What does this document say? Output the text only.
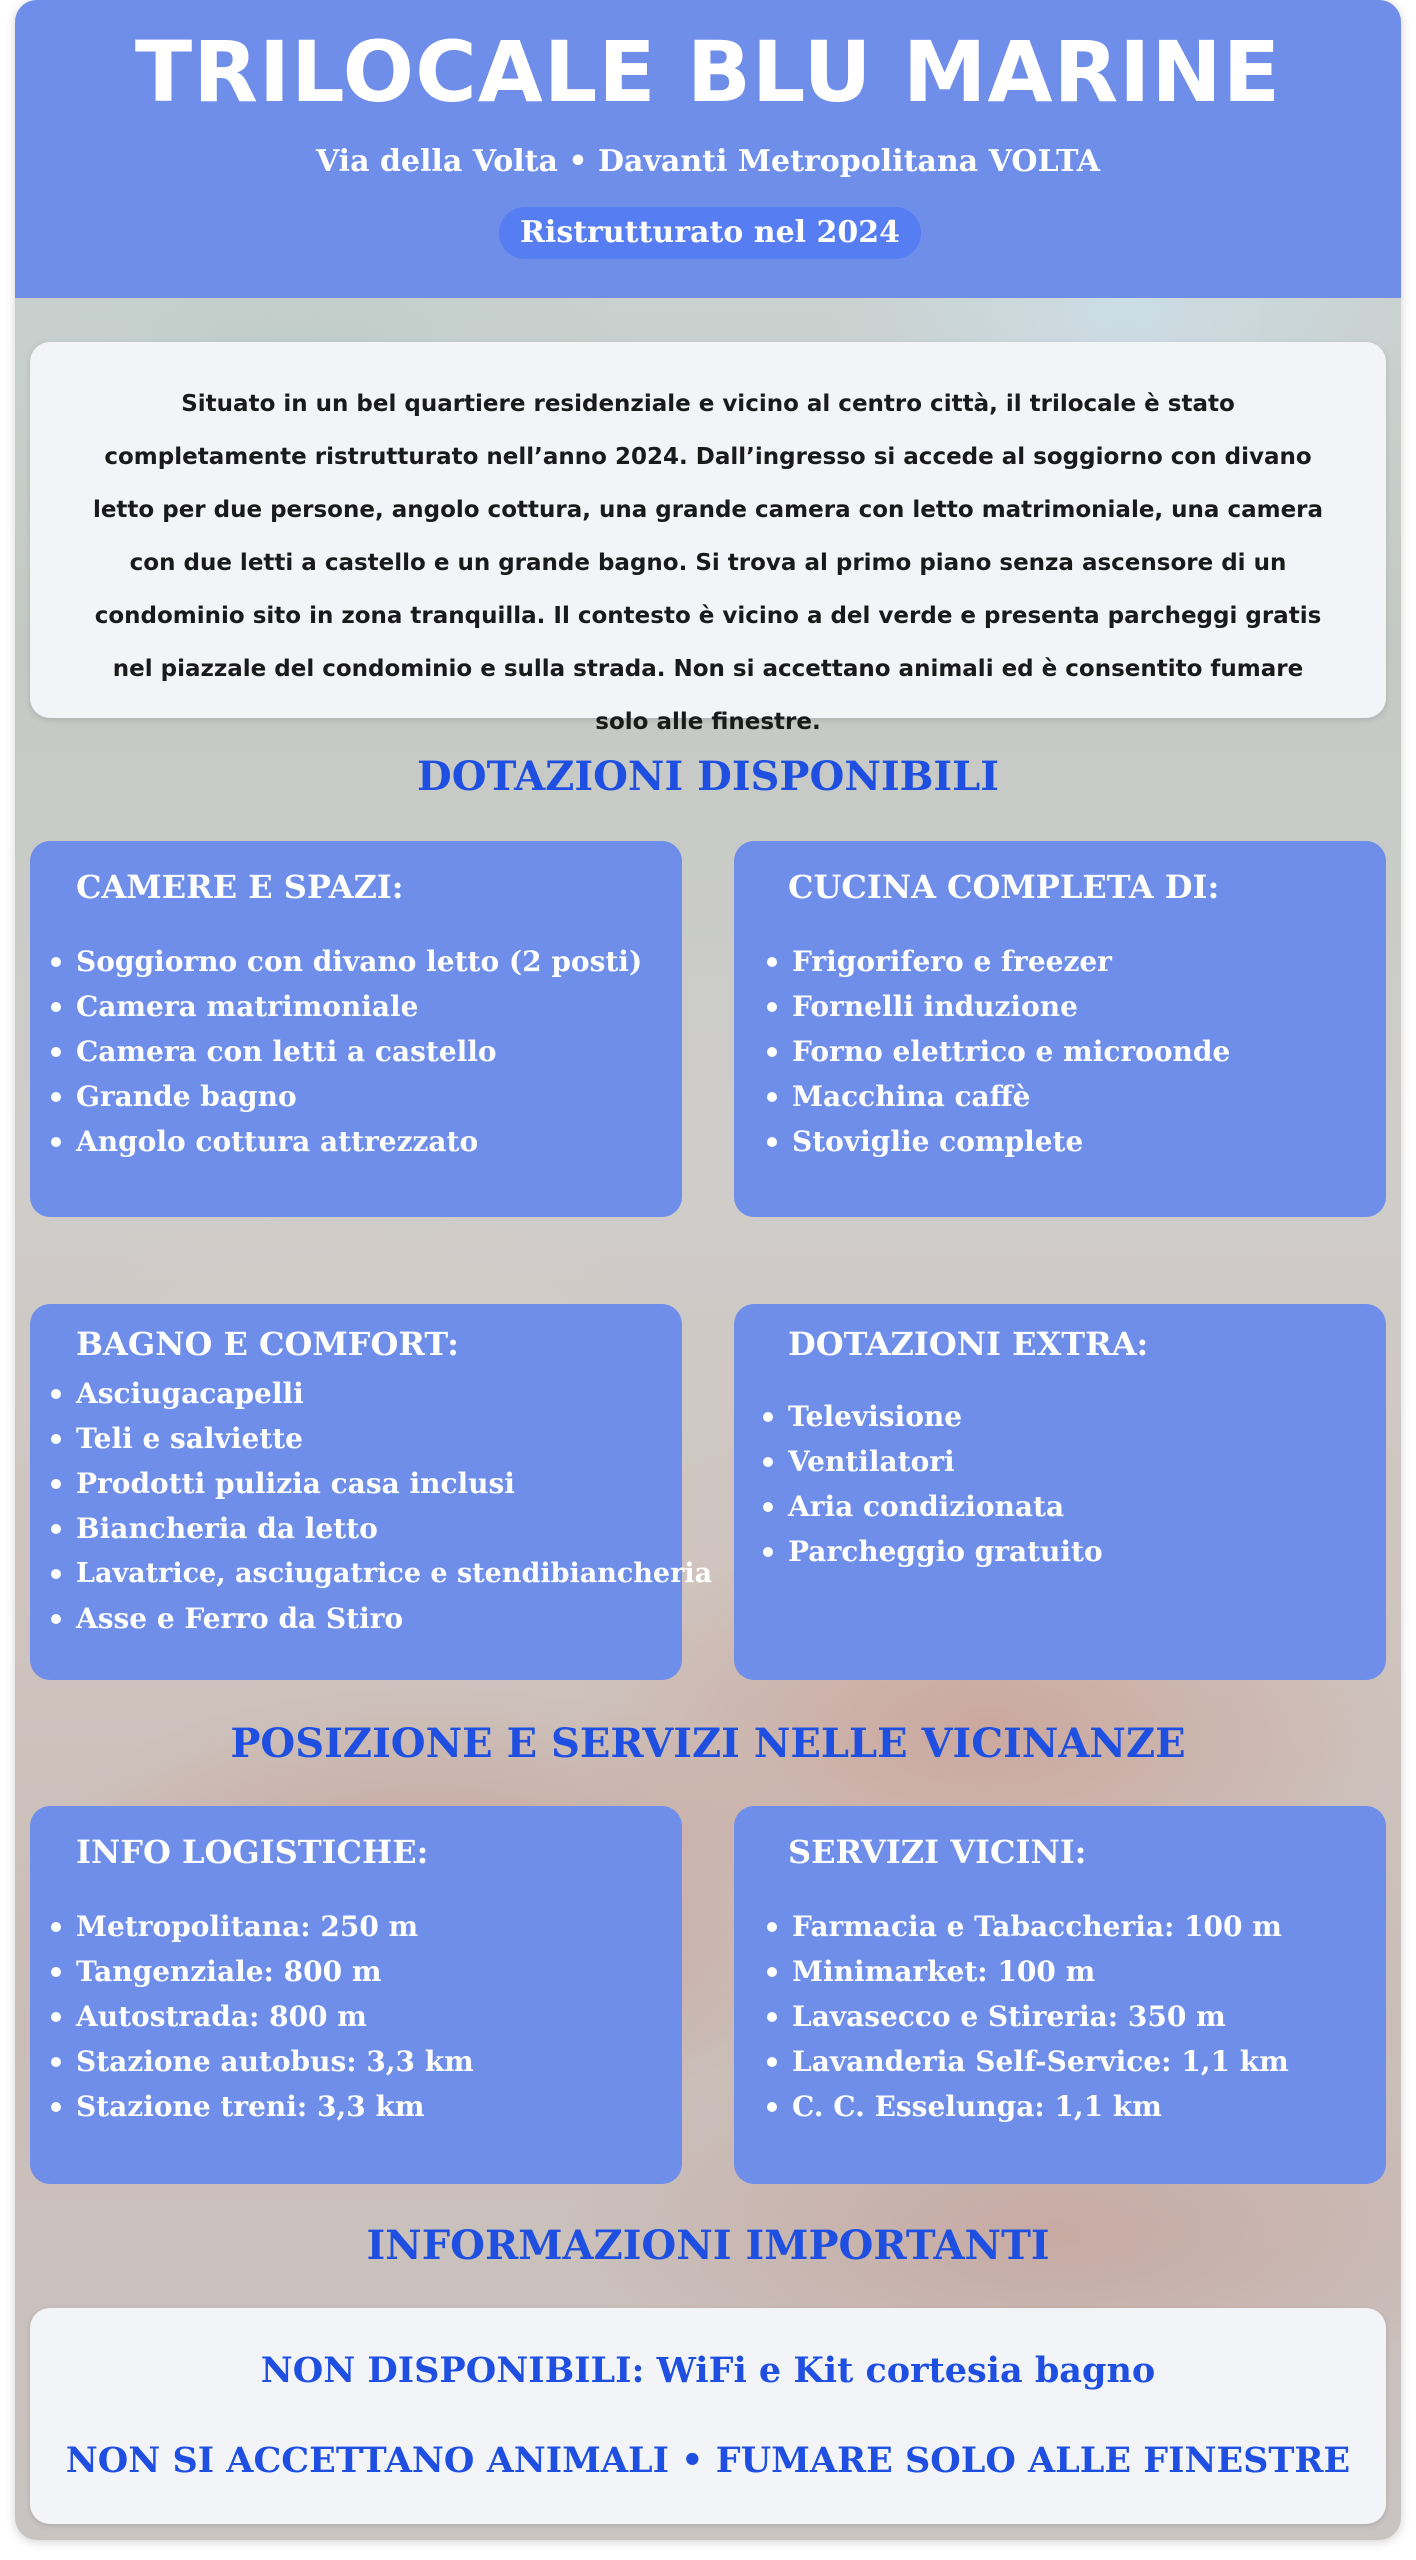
TRILOCALE BLU MARINE
Via della Volta • Davanti Metropolitana VOLTA
Ristrutturato nel 2024
Situato in un bel quartiere residenziale e vicino al centro città, il trilocale è stato completamente ristrutturato nell’anno 2024. Dall’ingresso si accede al soggiorno con divano letto per due persone, angolo cottura, una grande camera con letto matrimoniale, una camera con due letti a castello e un grande bagno. Si trova al primo piano senza ascensore di un condominio sito in zona tranquilla. Il contesto è vicino a del verde e presenta parcheggi gratis nel piazzale del condominio e sulla strada. Non si accettano animali ed è consentito fumare solo alle finestre.
DOTAZIONI DISPONIBILI
CAMERE E SPAZI:
Soggiorno con divano letto (2 posti)
Camera matrimoniale
Camera con letti a castello
Grande bagno
Angolo cottura attrezzato
CUCINA COMPLETA DI:
Frigorifero e freezer
Fornelli induzione
Forno elettrico e microonde
Macchina caffè
Stoviglie complete
BAGNO E COMFORT:
Asciugacapelli
Teli e salviette
Prodotti pulizia casa inclusi
Biancheria da letto
Lavatrice, asciugatrice e stendibiancheria
Asse e Ferro da Stiro
DOTAZIONI EXTRA:
Televisione
Ventilatori
Aria condizionata
Parcheggio gratuito
POSIZIONE E SERVIZI NELLE VICINANZE
INFO LOGISTICHE:
Metropolitana: 250 m
Tangenziale: 800 m
Autostrada: 800 m
Stazione autobus: 3,3 km
Stazione treni: 3,3 km
SERVIZI VICINI:
Farmacia e Tabaccheria: 100 m
Minimarket: 100 m
Lavasecco e Stireria: 350 m
Lavanderia Self-Service: 1,1 km
C. C. Esselunga: 1,1 km
INFORMAZIONI IMPORTANTI
NON DISPONIBILI: WiFi e Kit cortesia bagno
NON SI ACCETTANO ANIMALI • FUMARE SOLO ALLE FINESTRE
